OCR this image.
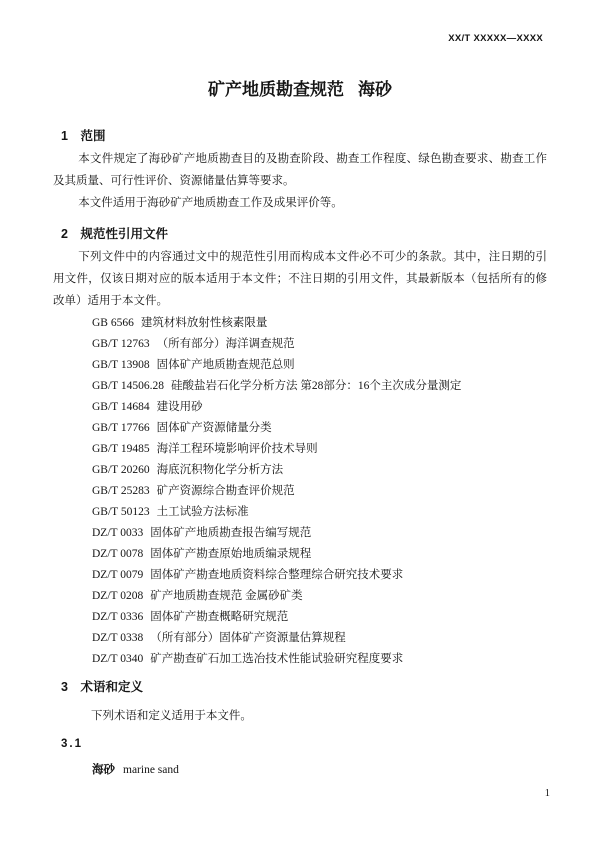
XX/T XXXXX—XXXX
矿产地质勘查规范 海砂
1 范围

本文件规定了海砂矿产地质勘查目的及勘查阶段、勘查工作程度、绿色勘查要求、勘查工作及其质量、可行性评价、资源储量估算等要求。

本文件适用于海砂矿产地质勘查工作及成果评价等。

2 规范性引用文件

下列文件中的内容通过文中的规范性引用而构成本文件必不可少的条款。其中，注日期的引用文件，仅该日期对应的版本适用于本文件；不注日期的引用文件，其最新版本（包括所有的修改单）适用于本文件。

GB 6566 建筑材料放射性核素限量
GB/T 12763 （所有部分）海洋调查规范
GB/T 13908 固体矿产地质勘查规范总则
GB/T 14506.28 硅酸盐岩石化学分析方法 第28部分：16个主次成分量测定
GB/T 14684 建设用砂
GB/T 17766 固体矿产资源储量分类
GB/T 19485 海洋工程环境影响评价技术导则
GB/T 20260 海底沉积物化学分析方法
GB/T 25283 矿产资源综合勘查评价规范
GB/T 50123 土工试验方法标准
DZ/T 0033 固体矿产地质勘查报告编写规范
DZ/T 0078 固体矿产勘查原始地质编录规程
DZ/T 0079 固体矿产勘查地质资料综合整理综合研究技术要求
DZ/T 0208 矿产地质勘查规范 金属砂矿类
DZ/T 0336 固体矿产勘查概略研究规范
DZ/T 0338 （所有部分）固体矿产资源量估算规程
DZ/T 0340 矿产勘查矿石加工选冶技术性能试验研究程度要求
3 术语和定义

下列术语和定义适用于本文件。

3.1
海砂 marine sand
1
